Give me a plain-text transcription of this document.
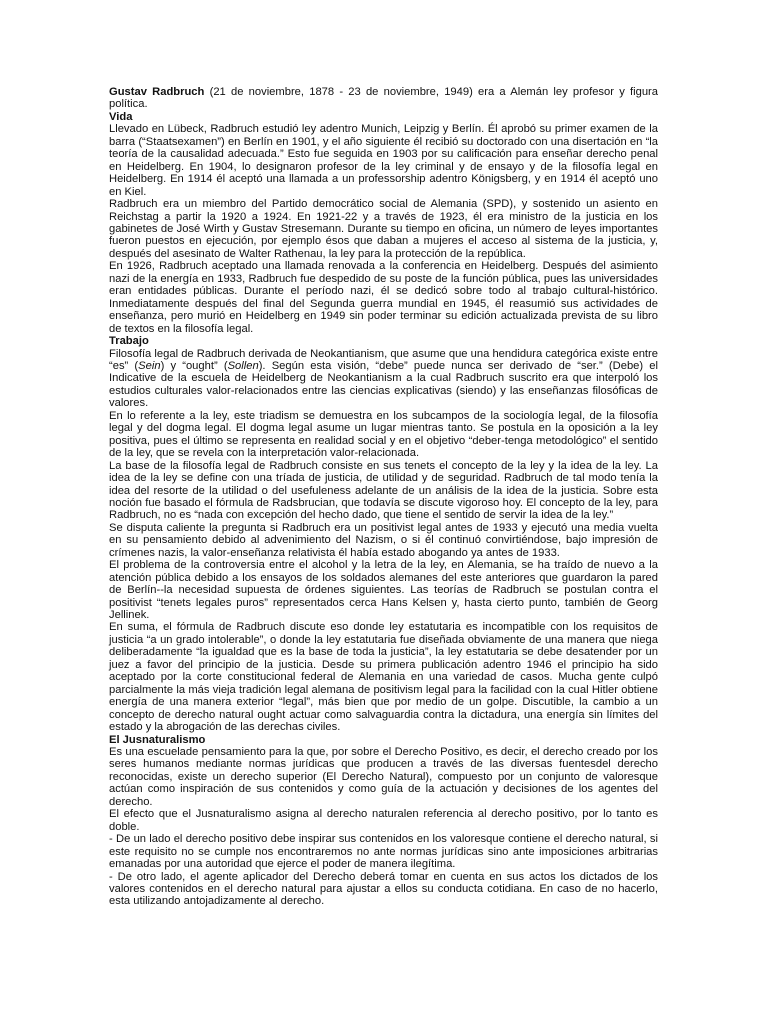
Gustav Radbruch (21 de noviembre, 1878 - 23 de noviembre, 1949) era a Alemán ley profesor y figura política.

Vida

Llevado en Lübeck, Radbruch estudió ley adentro Munich, Leipzig y Berlín. Él aprobó su primer examen de la barra (“Staatsexamen”) en Berlín en 1901, y el año siguiente él recibió su doctorado con una disertación en “la teoría de la causalidad adecuada.” Esto fue seguida en 1903 por su calificación para enseñar derecho penal en Heidelberg. En 1904, lo designaron profesor de la ley criminal y de ensayo y de la filosofía legal en Heidelberg. En 1914 él aceptó una llamada a un professorship adentro Königsberg, y en 1914 él aceptó uno en Kiel.

Radbruch era un miembro del Partido democrático social de Alemania (SPD), y sostenido un asiento en Reichstag a partir la 1920 a 1924. En 1921-22 y a través de 1923, él era ministro de la justicia en los gabinetes de José Wirth y Gustav Stresemann. Durante su tiempo en oficina, un número de leyes importantes fueron puestos en ejecución, por ejemplo ésos que daban a mujeres el acceso al sistema de la justicia, y, después del asesinato de Walter Rathenau, la ley para la protección de la república.

En 1926, Radbruch aceptado una llamada renovada a la conferencia en Heidelberg. Después del asimiento nazi de la energía en 1933, Radbruch fue despedido de su poste de la función pública, pues las universidades eran entidades públicas. Durante el período nazi, él se dedicó sobre todo al trabajo cultural-histórico. Inmediatamente después del final del Segunda guerra mundial en 1945, él reasumió sus actividades de enseñanza, pero murió en Heidelberg en 1949 sin poder terminar su edición actualizada prevista de su libro de textos en la filosofía legal.

Trabajo

Filosofía legal de Radbruch derivada de Neokantianism, que asume que una hendidura categórica existe entre “es” (Sein) y “ought” (Sollen). Según esta visión, “debe” puede nunca ser derivado de “ser.” (Debe) el Indicative de la escuela de Heidelberg de Neokantianism a la cual Radbruch suscrito era que interpoló los estudios culturales valor-relacionados entre las ciencias explicativas (siendo) y las enseñanzas filosóficas de valores.

En lo referente a la ley, este triadism se demuestra en los subcampos de la sociología legal, de la filosofía legal y del dogma legal. El dogma legal asume un lugar mientras tanto. Se postula en la oposición a la ley positiva, pues el último se representa en realidad social y en el objetivo “deber-tenga metodológico” el sentido de la ley, que se revela con la interpretación valor-relacionada.

La base de la filosofía legal de Radbruch consiste en sus tenets el concepto de la ley y la idea de la ley. La idea de la ley se define con una tríada de justicia, de utilidad y de seguridad. Radbruch de tal modo tenía la idea del resorte de la utilidad o del usefuleness adelante de un análisis de la idea de la justicia. Sobre esta noción fue basado el fórmula de Radsbrucian, que todavía se discute vigoroso hoy. El concepto de la ley, para Radbruch, no es “nada con excepción del hecho dado, que tiene el sentido de servir la idea de la ley.”

Se disputa caliente la pregunta si Radbruch era un positivist legal antes de 1933 y ejecutó una media vuelta en su pensamiento debido al advenimiento del Nazism, o si él continuó convirtiéndose, bajo impresión de crímenes nazis, la valor-enseñanza relativista él había estado abogando ya antes de 1933.

El problema de la controversia entre el alcohol y la letra de la ley, en Alemania, se ha traído de nuevo a la atención pública debido a los ensayos de los soldados alemanes del este anteriores que guardaron la pared de Berlín--la necesidad supuesta de órdenes siguientes. Las teorías de Radbruch se postulan contra el positivist “tenets legales puros” representados cerca Hans Kelsen y, hasta cierto punto, también de Georg Jellinek.

En suma, el fórmula de Radbruch discute eso donde ley estatutaria es incompatible con los requisitos de justicia “a un grado intolerable”, o donde la ley estatutaria fue diseñada obviamente de una manera que niega deliberadamente “la igualdad que es la base de toda la justicia”, la ley estatutaria se debe desatender por un juez a favor del principio de la justicia. Desde su primera publicación adentro 1946 el principio ha sido aceptado por la corte constitucional federal de Alemania en una variedad de casos. Mucha gente culpó parcialmente la más vieja tradición legal alemana de positivism legal para la facilidad con la cual Hitler obtiene energía de una manera exterior “legal”, más bien que por medio de un golpe. Discutible, la cambio a un concepto de derecho natural ought actuar como salvaguardia contra la dictadura, una energía sin límites del estado y la abrogación de las derechas civiles.

El Jusnaturalismo

Es una escuelade pensamiento para la que, por sobre el Derecho Positivo, es decir, el derecho creado por los seres humanos mediante normas jurídicas que producen a través de las diversas fuentesdel derecho reconocidas, existe un derecho superior (El Derecho Natural), compuesto por un conjunto de valoresque actúan como inspiración de sus contenidos y como guía de la actuación y decisiones de los agentes del derecho.

El efecto que el Jusnaturalismo asigna al derecho naturalen referencia al derecho positivo, por lo tanto es doble.

- De un lado el derecho positivo debe inspirar sus contenidos en los valoresque contiene el derecho natural, si este requisito no se cumple nos encontraremos no ante normas jurídicas sino ante imposiciones arbitrarias emanadas por una autoridad que ejerce el poder de manera ilegítima.

- De otro lado, el agente aplicador del Derecho deberá tomar en cuenta en sus actos los dictados de los valores contenidos en el derecho natural para ajustar a ellos su conducta cotidiana. En caso de no hacerlo, esta utilizando antojadizamente al derecho.
